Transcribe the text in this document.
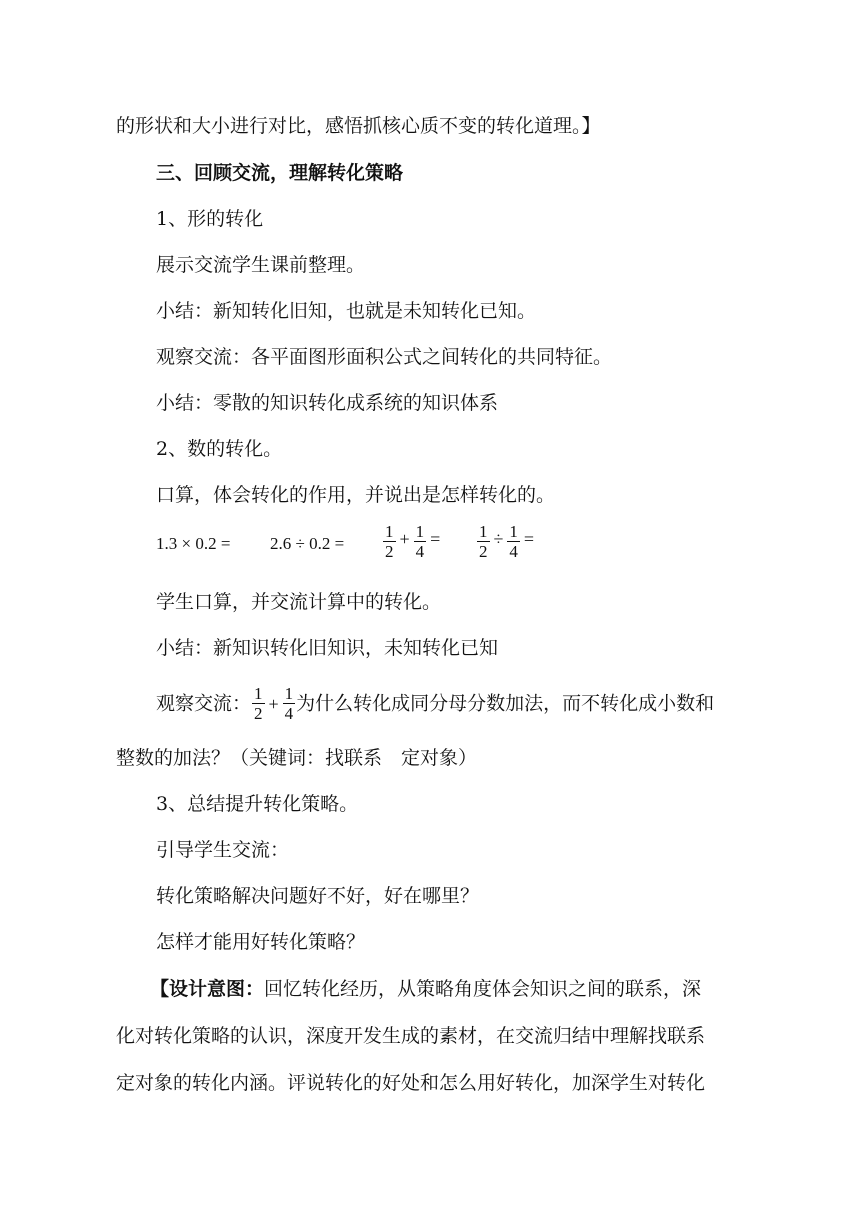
的形状和大小进行对比，感悟抓核心质不变的转化道理。】
三、回顾交流，理解转化策略
1、形的转化
展示交流学生课前整理。
小结：新知转化旧知，也就是未知转化已知。
观察交流：各平面图形面积公式之间转化的共同特征。
小结：零散的知识转化成系统的知识体系
2、数的转化。
口算，体会转化的作用，并说出是怎样转化的。
$1.3 \times 0.2 = 2.6 \div 0.2 = \frac{1}{2} + \frac{1}{4} = \frac{1}{2} \div \frac{1}{4}$ =
学生口算，并交流计算中的转化。
小结：新知识转化旧知识，未知转化已知
观察交流： $\frac{1}{2} + \frac{1}{4}$ 为什么转化成同分母分数加法，而不转化成小数和
整数的加法？（关键词：找联系　定对象）
3、总结提升转化策略。
引导学生交流：
转化策略解决问题好不好，好在哪里？
怎样才能用好转化策略？
【设计意图：回忆转化经历，从策略角度体会知识之间的联系，深
化对转化策略的认识，深度开发生成的素材，在交流归结中理解找联系
定对象的转化内涵。评说转化的好处和怎么用好转化，加深学生对转化
